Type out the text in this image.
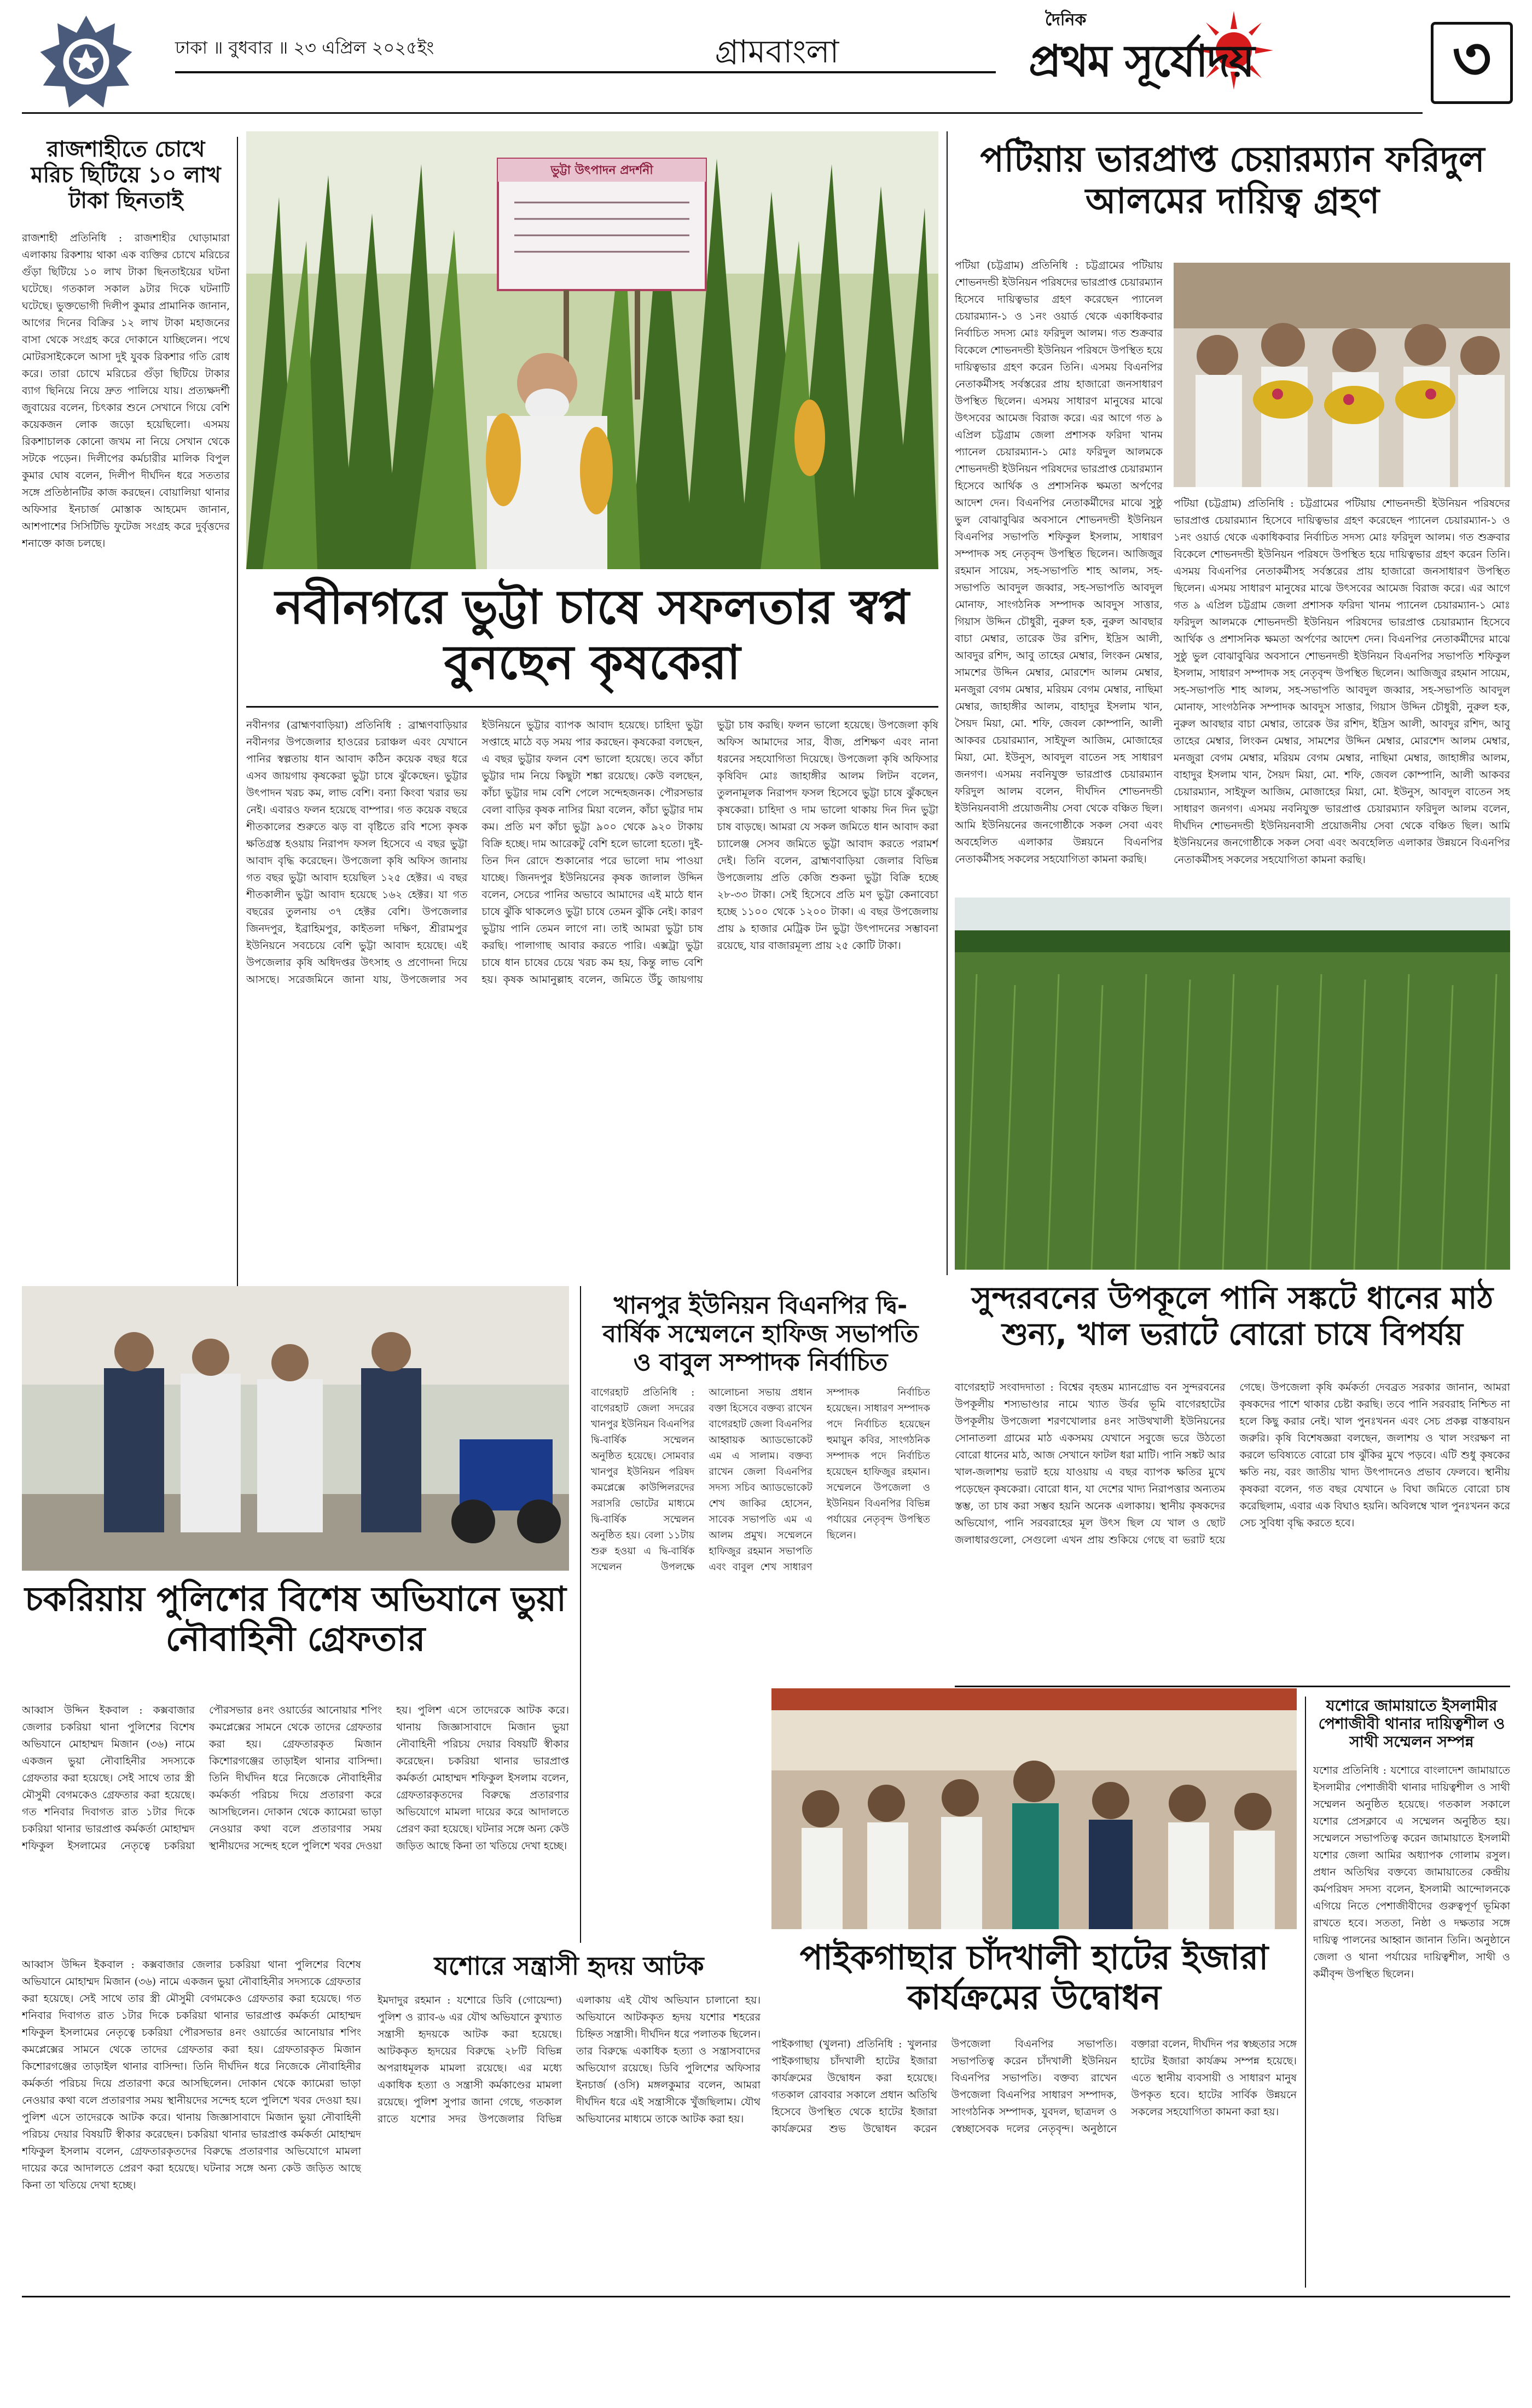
ঢাকা ॥ বুধবার ॥ ২৩ এপ্রিল ২০২৫ইং	গ্রামবাংলা
দৈনিক
প্রথম সূর্যোদয়	৩
রাজশাহীতে চোখে মরিচ ছিটিয়ে ১০ লাখ টাকা ছিনতাই
রাজশাহী প্রতিনিধি : রাজশাহীর ঘোড়ামারা এলাকায় রিকশায় থাকা এক ব্যক্তির চোখে মরিচের গুঁড়া ছিটিয়ে ১০ লাখ টাকা ছিনতাইয়ের ঘটনা ঘটেছে। গতকাল সকাল ৯টার দিকে ঘটনাটি ঘটেছে। ভুক্তভোগী দিলীপ কুমার প্রামানিক জানান, আগের দিনের বিক্রির ১২ লাখ টাকা মহাজনের বাসা থেকে সংগ্রহ করে দোকানে যাচ্ছিলেন। পথে মোটরসাইকেলে আসা দুই যুবক রিকশার গতি রোধ করে। তারা চোখে মরিচের গুঁড়া ছিটিয়ে টাকার ব্যাগ ছিনিয়ে নিয়ে দ্রুত পালিয়ে যায়। প্রত্যক্ষদর্শী জুবায়ের বলেন, চিৎকার শুনে সেখানে গিয়ে বেশি কয়েকজন লোক জড়ো হয়েছিলো। এসময় রিকশাচালক কোনো জখম না নিয়ে সেখান থেকে সটকে পড়েন। দিলীপের কর্মচারীর মালিক বিপুল কুমার ঘোষ বলেন, দিলীপ দীর্ঘদিন ধরে সততার সঙ্গে প্রতিষ্ঠানটির কাজ করছেন। বোয়ালিয়া থানার অফিসার ইনচার্জ মোস্তাক আহমেদ জানান, আশপাশের সিসিটিভি ফুটেজ সংগ্রহ করে দুর্বৃত্তদের শনাক্তে কাজ চলছে।
ভুট্টা উৎপাদন প্রদর্শনী
নবীনগরে ভুট্টা চাষে সফলতার স্বপ্ন বুনছেন কৃষকেরা
নবীনগর (ব্রাহ্মণবাড়িয়া) প্রতিনিধি : ব্রাহ্মণবাড়িয়ার নবীনগর উপজেলার হাওরের চরাঞ্চল এবং যেখানে পানির স্বল্পতায় ধান আবাদ কঠিন কয়েক বছর ধরে এসব জায়গায় কৃষকেরা ভুট্টা চাষে ঝুঁকেছেন। ভুট্টার উৎপাদন খরচ কম, লাভ বেশি। বন্যা কিংবা খরার ভয় নেই। এবারও ফলন হয়েছে বাম্পার। গত কয়েক বছরে শীতকালের শুরুতে ঝড় বা বৃষ্টিতে রবি শস্যে কৃষক ক্ষতিগ্রস্ত হওয়ায় নিরাপদ ফসল হিসেবে এ বছর ভুট্টা আবাদ বৃদ্ধি করেছেন। উপজেলা কৃষি অফিস জানায় গত বছর ভুট্টা আবাদ হয়েছিল ১২৫ হেক্টর। এ বছর শীতকালীন ভুট্টা আবাদ হয়েছে ১৬২ হেক্টর। যা গত বছরের তুলনায় ৩৭ হেক্টর বেশি। উপজেলার জিনদপুর, ইব্রাহিমপুর, কাইতলা দক্ষিণ, শ্রীরামপুর ইউনিয়নে সবচেয়ে বেশি ভুট্টা আবাদ হয়েছে। এই উপজেলার কৃষি অধিদপ্তর উৎসাহ ও প্রণোদনা দিয়ে আসছে। সরেজমিনে জানা যায়, উপজেলার সব ইউনিয়নে ভুট্টার ব্যাপক আবাদ হয়েছে। চাহিদা ভুট্টা সপ্তাহে মাঠে বড় সময় পার করছেন। কৃষকেরা বলছেন, এ বছর ভুট্টার ফলন বেশ ভালো হয়েছে। তবে কাঁচা ভুট্টার দাম নিয়ে কিছুটা শঙ্কা রয়েছে। কেউ বলছেন, কাঁচা ভুট্টার দাম বেশি পেলে সন্দেহজনক। পৌরসভার বেলা বাড়ির কৃষক নাসির মিয়া বলেন, কাঁচা ভুট্টার দাম কম। প্রতি মণ কাঁচা ভুট্টা ৯০০ থেকে ৯২০ টাকায় বিক্রি হচ্ছে। দাম আরেকটু বেশি হলে ভালো হতো। দুই-তিন দিন রোদে শুকানোর পরে ভালো দাম পাওয়া যাচ্ছে। জিনদপুর ইউনিয়নের কৃষক জালাল উদ্দিন বলেন, সেচের পানির অভাবে আমাদের এই মাঠে ধান চাষে ঝুঁকি থাকলেও ভুট্টা চাষে তেমন ঝুঁকি নেই। কারণ ভুট্টায় পানি তেমন লাগে না। তাই আমরা ভুট্টা চাষ করছি। পালাগাছ আবার করতে পারি। এক্সট্রা ভুট্টা চাষে ধান চাষের চেয়ে খরচ কম হয়, কিন্তু লাভ বেশি হয়। কৃষক আমানুল্লাহ বলেন, জমিতে উঁচু জায়গায় ভুট্টা চাষ করছি। ফলন ভালো হয়েছে। উপজেলা কৃষি অফিস আমাদের সার, বীজ, প্রশিক্ষণ এবং নানা ধরনের সহযোগিতা দিয়েছে। উপজেলা কৃষি অফিসার কৃষিবিদ মোঃ জাহাঙ্গীর আলম লিটন বলেন, তুলনামূলক নিরাপদ ফসল হিসেবে ভুট্টা চাষে ঝুঁকছেন কৃষকেরা। চাহিদা ও দাম ভালো থাকায় দিন দিন ভুট্টা চাষ বাড়ছে। আমরা যে সকল জমিতে ধান আবাদ করা চ্যালেঞ্জ সেসব জমিতে ভুট্টা আবাদ করতে পরামর্শ দেই। তিনি বলেন, ব্রাহ্মণবাড়িয়া জেলার বিভিন্ন উপজেলায় প্রতি কেজি শুকনা ভুট্টা বিক্রি হচ্ছে ২৮-৩৩ টাকা। সেই হিসেবে প্রতি মণ ভুট্টা কেনাবেচা হচ্ছে ১১০০ থেকে ১২০০ টাকা। এ বছর উপজেলায় প্রায় ৯ হাজার মেট্রিক টন ভুট্টা উৎপাদনের সম্ভাবনা রয়েছে, যার বাজারমূল্য প্রায় ২৫ কোটি টাকা।
পটিয়ায় ভারপ্রাপ্ত চেয়ারম্যান ফরিদুল আলমের দায়িত্ব গ্রহণ
পটিয়া (চট্টগ্রাম) প্রতিনিধি : চট্টগ্রামের পটিয়ায় শোভনদন্ডী ইউনিয়ন পরিষদের ভারপ্রাপ্ত চেয়ারম্যান হিসেবে দায়িত্বভার গ্রহণ করেছেন প্যানেল চেয়ারম্যান-১ ও ১নং ওয়ার্ড থেকে একাধিকবার নির্বাচিত সদস্য মোঃ ফরিদুল আলম। গত শুক্রবার বিকেলে শোভনদন্ডী ইউনিয়ন পরিষদে উপস্থিত হয়ে দায়িত্বভার গ্রহণ করেন তিনি। এসময় বিএনপির নেতাকর্মীসহ সর্বস্তরের প্রায় হাজারো জনসাধারণ উপস্থিত ছিলেন। এসময় সাধারণ মানুষের মাঝে উৎসবের আমেজ বিরাজ করে। এর আগে গত ৯ এপ্রিল চট্টগ্রাম জেলা প্রশাসক ফরিদা খানম প্যানেল চেয়ারম্যান-১ মোঃ ফরিদুল আলমকে শোভনদন্ডী ইউনিয়ন পরিষদের ভারপ্রাপ্ত চেয়ারম্যান হিসেবে আর্থিক ও প্রশাসনিক ক্ষমতা অর্পণের আদেশ দেন। বিএনপির নেতাকর্মীদের মাঝে সুষ্ঠু ভুল বোঝাবুঝির অবসানে শোভনদন্ডী ইউনিয়ন বিএনপির সভাপতি শফিকুল ইসলাম, সাধারণ সম্পাদক সহ নেতৃবৃন্দ উপস্থিত ছিলেন। আজিজুর রহমান সায়েম, সহ-সভাপতি শাহ আলম, সহ-সভাপতি আবদুল জব্বার, সহ-সভাপতি আবদুল মোনাফ, সাংগঠনিক সম্পাদক আবদুস সাত্তার, গিয়াস উদ্দিন চৌধুরী, নুরুল হক, নুরুল আবছার বাচা মেম্বার, তারেক উর রশিদ, ইদ্রিস আলী, আবদুর রশিদ, আবু তাহের মেম্বার, লিংকন মেম্বার, সামশের উদ্দিন মেম্বার, মোরশেদ আলম মেম্বার, মনজুরা বেগম মেম্বার, মরিয়ম বেগম মেম্বার, নাছিমা মেম্বার, জাহাঙ্গীর আলম, বাহাদুর ইসলাম খান, সৈয়দ মিয়া, মো. শফি, জেবল কোম্পানি, আলী আকবর চেয়ারম্যান, সাইফুল আজিম, মোজাহের মিয়া, মো. ইউনুস, আবদুল বাতেন সহ সাধারণ জনগণ। এসময় নবনিযুক্ত ভারপ্রাপ্ত চেয়ারম্যান ফরিদুল আলম বলেন, দীর্ঘদিন শোভনদন্ডী ইউনিয়নবাসী প্রয়োজনীয় সেবা থেকে বঞ্চিত ছিল। আমি ইউনিয়নের জনগোষ্ঠীকে সকল সেবা এবং অবহেলিত এলাকার উন্নয়নে বিএনপির নেতাকর্মীসহ সকলের সহযোগিতা কামনা করছি।
পটিয়া (চট্টগ্রাম) প্রতিনিধি : চট্টগ্রামের পটিয়ায় শোভনদন্ডী ইউনিয়ন পরিষদের ভারপ্রাপ্ত চেয়ারম্যান হিসেবে দায়িত্বভার গ্রহণ করেছেন প্যানেল চেয়ারম্যান-১ ও ১নং ওয়ার্ড থেকে একাধিকবার নির্বাচিত সদস্য মোঃ ফরিদুল আলম। গত শুক্রবার বিকেলে শোভনদন্ডী ইউনিয়ন পরিষদে উপস্থিত হয়ে দায়িত্বভার গ্রহণ করেন তিনি। এসময় বিএনপির নেতাকর্মীসহ সর্বস্তরের প্রায় হাজারো জনসাধারণ উপস্থিত ছিলেন। এসময় সাধারণ মানুষের মাঝে উৎসবের আমেজ বিরাজ করে। এর আগে গত ৯ এপ্রিল চট্টগ্রাম জেলা প্রশাসক ফরিদা খানম প্যানেল চেয়ারম্যান-১ মোঃ ফরিদুল আলমকে শোভনদন্ডী ইউনিয়ন পরিষদের ভারপ্রাপ্ত চেয়ারম্যান হিসেবে আর্থিক ও প্রশাসনিক ক্ষমতা অর্পণের আদেশ দেন। বিএনপির নেতাকর্মীদের মাঝে সুষ্ঠু ভুল বোঝাবুঝির অবসানে শোভনদন্ডী ইউনিয়ন বিএনপির সভাপতি শফিকুল ইসলাম, সাধারণ সম্পাদক সহ নেতৃবৃন্দ উপস্থিত ছিলেন। আজিজুর রহমান সায়েম, সহ-সভাপতি শাহ আলম, সহ-সভাপতি আবদুল জব্বার, সহ-সভাপতি আবদুল মোনাফ, সাংগঠনিক সম্পাদক আবদুস সাত্তার, গিয়াস উদ্দিন চৌধুরী, নুরুল হক, নুরুল আবছার বাচা মেম্বার, তারেক উর রশিদ, ইদ্রিস আলী, আবদুর রশিদ, আবু তাহের মেম্বার, লিংকন মেম্বার, সামশের উদ্দিন মেম্বার, মোরশেদ আলম মেম্বার, মনজুরা বেগম মেম্বার, মরিয়ম বেগম মেম্বার, নাছিমা মেম্বার, জাহাঙ্গীর আলম, বাহাদুর ইসলাম খান, সৈয়দ মিয়া, মো. শফি, জেবল কোম্পানি, আলী আকবর চেয়ারম্যান, সাইফুল আজিম, মোজাহের মিয়া, মো. ইউনুস, আবদুল বাতেন সহ সাধারণ জনগণ। এসময় নবনিযুক্ত ভারপ্রাপ্ত চেয়ারম্যান ফরিদুল আলম বলেন, দীর্ঘদিন শোভনদন্ডী ইউনিয়নবাসী প্রয়োজনীয় সেবা থেকে বঞ্চিত ছিল। আমি ইউনিয়নের জনগোষ্ঠীকে সকল সেবা এবং অবহেলিত এলাকার উন্নয়নে বিএনপির নেতাকর্মীসহ সকলের সহযোগিতা কামনা করছি।
সুন্দরবনের উপকূলে পানি সঙ্কটে ধানের মাঠ শুন্য, খাল ভরাটে বোরো চাষে বিপর্যয়
বাগেরহাট সংবাদদাতা : বিশ্বের বৃহত্তম ম্যানগ্রোভ বন সুন্দরবনের উপকূলীয় শস্যভাণ্ডার নামে খ্যাত উর্বর ভূমি বাগেরহাটের উপকূলীয় উপজেলা শরণখোলার ৪নং সাউথখালী ইউনিয়নের সোনাতলা গ্রামের মাঠ একসময় যেখানে সবুজে ভরে উঠতো বোরো ধানের মাঠ, আজ সেখানে ফাটল ধরা মাটি। পানি সঙ্কট আর খাল-জলাশয় ভরাট হয়ে যাওয়ায় এ বছর ব্যাপক ক্ষতির মুখে পড়েছেন কৃষকেরা। বোরো ধান, যা দেশের খাদ্য নিরাপত্তার অন্যতম স্তম্ভ, তা চাষ করা সম্ভব হয়নি অনেক এলাকায়। স্থানীয় কৃষকদের অভিযোগ, পানি সরবরাহের মূল উৎস ছিল যে খাল ও ছোট জলাধারগুলো, সেগুলো এখন প্রায় শুকিয়ে গেছে বা ভরাট হয়ে গেছে। উপজেলা কৃষি কর্মকর্তা দেবব্রত সরকার জানান, আমরা কৃষকদের পাশে থাকার চেষ্টা করছি। তবে পানি সরবরাহ নিশ্চিত না হলে কিছু করার নেই। খাল পুনঃখনন এবং সেচ প্রকল্প বাস্তবায়ন জরুরি। কৃষি বিশেষজ্ঞরা বলছেন, জলাশয় ও খাল সংরক্ষণ না করলে ভবিষ্যতে বোরো চাষ ঝুঁকির মুখে পড়বে। এটি শুধু কৃষকের ক্ষতি নয়, বরং জাতীয় খাদ্য উৎপাদনেও প্রভাব ফেলবে। স্থানীয় কৃষকরা বলেন, গত বছর যেখানে ৬ বিঘা জমিতে বোরো চাষ করেছিলাম, এবার এক বিঘাও হয়নি। অবিলম্বে খাল পুনঃখনন করে সেচ সুবিধা বৃদ্ধি করতে হবে।
চকরিয়ায় পুলিশের বিশেষ অভিযানে ভুয়া নৌবাহিনী গ্রেফতার
আব্বাস উদ্দিন ইকবাল : কক্সবাজার জেলার চকরিয়া থানা পুলিশের বিশেষ অভিযানে মোহাম্মদ মিজান (৩৬) নামে একজন ভুয়া নৌবাহিনীর সদস্যকে গ্রেফতার করা হয়েছে। সেই সাথে তার স্ত্রী মৌসুমী বেগমকেও গ্রেফতার করা হয়েছে। গত শনিবার দিবাগত রাত ১টার দিকে চকরিয়া থানার ভারপ্রাপ্ত কর্মকর্তা মোহাম্মদ শফিকুল ইসলামের নেতৃত্বে চকরিয়া পৌরসভার ৪নং ওয়ার্ডের আনোয়ার শপিং কমপ্লেক্সের সামনে থেকে তাদের গ্রেফতার করা হয়। গ্রেফতারকৃত মিজান কিশোরগঞ্জের তাড়াইল থানার বাসিন্দা। তিনি দীর্ঘদিন ধরে নিজেকে নৌবাহিনীর কর্মকর্তা পরিচয় দিয়ে প্রতারণা করে আসছিলেন। দোকান থেকে ক্যামেরা ভাড়া নেওয়ার কথা বলে প্রতারণার সময় স্থানীয়দের সন্দেহ হলে পুলিশে খবর দেওয়া হয়। পুলিশ এসে তাদেরকে আটক করে। থানায় জিজ্ঞাসাবাদে মিজান ভুয়া নৌবাহিনী পরিচয় দেয়ার বিষয়টি স্বীকার করেছেন। চকরিয়া থানার ভারপ্রাপ্ত কর্মকর্তা মোহাম্মদ শফিকুল ইসলাম বলেন, গ্রেফতারকৃতদের বিরুদ্ধে প্রতারণার অভিযোগে মামলা দায়ের করে আদালতে প্রেরণ করা হয়েছে। ঘটনার সঙ্গে অন্য কেউ জড়িত আছে কিনা তা খতিয়ে দেখা হচ্ছে।
যশোরে সন্ত্রাসী হৃদয় আটক
ইমদাদুর রহমান : যশোরে ডিবি (গোয়েন্দা) পুলিশ ও র‍্যাব-৬ এর যৌথ অভিযানে কুখ্যাত সন্ত্রাসী হৃদয়কে আটক করা হয়েছে। আটককৃত হৃদয়ের বিরুদ্ধে ২৮টি বিভিন্ন অপরাধমূলক মামলা রয়েছে। এর মধ্যে একাধিক হত্যা ও সন্ত্রাসী কর্মকাণ্ডের মামলা রয়েছে। পুলিশ সুপার জানা গেছে, গতকাল রাতে যশোর সদর উপজেলার বিভিন্ন এলাকায় এই যৌথ অভিযান চালানো হয়। অভিযানে আটককৃত হৃদয় যশোর শহরের চিহ্নিত সন্ত্রাসী। দীর্ঘদিন ধরে পলাতক ছিলেন। তার বিরুদ্ধে একাধিক হত্যা ও সন্ত্রাসবাদের অভিযোগ রয়েছে। ডিবি পুলিশের অফিসার ইনচার্জ (ওসি) মঙ্গলকুমার বলেন, আমরা দীর্ঘদিন ধরে এই সন্ত্রাসীকে খুঁজছিলাম। যৌথ অভিযানের মাধ্যমে তাকে আটক করা হয়।
আব্বাস উদ্দিন ইকবাল : কক্সবাজার জেলার চকরিয়া থানা পুলিশের বিশেষ অভিযানে মোহাম্মদ মিজান (৩৬) নামে একজন ভুয়া নৌবাহিনীর সদস্যকে গ্রেফতার করা হয়েছে। সেই সাথে তার স্ত্রী মৌসুমী বেগমকেও গ্রেফতার করা হয়েছে। গত শনিবার দিবাগত রাত ১টার দিকে চকরিয়া থানার ভারপ্রাপ্ত কর্মকর্তা মোহাম্মদ শফিকুল ইসলামের নেতৃত্বে চকরিয়া পৌরসভার ৪নং ওয়ার্ডের আনোয়ার শপিং কমপ্লেক্সের সামনে থেকে তাদের গ্রেফতার করা হয়। গ্রেফতারকৃত মিজান কিশোরগঞ্জের তাড়াইল থানার বাসিন্দা। তিনি দীর্ঘদিন ধরে নিজেকে নৌবাহিনীর কর্মকর্তা পরিচয় দিয়ে প্রতারণা করে আসছিলেন। দোকান থেকে ক্যামেরা ভাড়া নেওয়ার কথা বলে প্রতারণার সময় স্থানীয়দের সন্দেহ হলে পুলিশে খবর দেওয়া হয়। পুলিশ এসে তাদেরকে আটক করে। থানায় জিজ্ঞাসাবাদে মিজান ভুয়া নৌবাহিনী পরিচয় দেয়ার বিষয়টি স্বীকার করেছেন। চকরিয়া থানার ভারপ্রাপ্ত কর্মকর্তা মোহাম্মদ শফিকুল ইসলাম বলেন, গ্রেফতারকৃতদের বিরুদ্ধে প্রতারণার অভিযোগে মামলা দায়ের করে আদালতে প্রেরণ করা হয়েছে। ঘটনার সঙ্গে অন্য কেউ জড়িত আছে কিনা তা খতিয়ে দেখা হচ্ছে।
খানপুর ইউনিয়ন বিএনপির দ্বি-বার্ষিক সম্মেলনে হাফিজ সভাপতি ও বাবুল সম্পাদক নির্বাচিত
বাগেরহাট প্রতিনিধি : বাগেরহাট জেলা সদরের খানপুর ইউনিয়ন বিএনপির দ্বি-বার্ষিক সম্মেলন অনুষ্ঠিত হয়েছে। সোমবার খানপুর ইউনিয়ন পরিষদ কমপ্লেক্সে কাউন্সিলরদের সরাসরি ভোটের মাধ্যমে দ্বি-বার্ষিক সম্মেলন অনুষ্ঠিত হয়। বেলা ১১টায় শুরু হওয়া এ দ্বি-বার্ষিক সম্মেলন উপলক্ষে আলোচনা সভায় প্রধান বক্তা হিসেবে বক্তব্য রাখেন বাগেরহাট জেলা বিএনপির আহ্বায়ক অ্যাডভোকেট এম এ সালাম। বক্তব্য রাখেন জেলা বিএনপির সদস্য সচিব অ্যাডভোকেট শেখ জাকির হোসেন, সাবেক সভাপতি এম এ আলম প্রমুখ। সম্মেলনে হাফিজুর রহমান সভাপতি এবং বাবুল শেখ সাধারণ সম্পাদক নির্বাচিত হয়েছেন। সাধারণ সম্পাদক পদে নির্বাচিত হয়েছেন হুমায়ুন কবির, সাংগঠনিক সম্পাদক পদে নির্বাচিত হয়েছেন হাফিজুর রহমান। সম্মেলনে উপজেলা ও ইউনিয়ন বিএনপির বিভিন্ন পর্যায়ের নেতৃবৃন্দ উপস্থিত ছিলেন।
পাইকগাছার চাঁদখালী হাটের ইজারা কার্যক্রমের উদ্বোধন
পাইকগাছা (খুলনা) প্রতিনিধি : খুলনার পাইকগাছায় চাঁদখালী হাটের ইজারা কার্যক্রমের উদ্বোধন করা হয়েছে। গতকাল রোববার সকালে প্রধান অতিথি হিসেবে উপস্থিত থেকে হাটের ইজারা কার্যক্রমের শুভ উদ্বোধন করেন উপজেলা বিএনপির সভাপতি। সভাপতিত্ব করেন চাঁদখালী ইউনিয়ন বিএনপির সভাপতি। বক্তব্য রাখেন উপজেলা বিএনপির সাধারণ সম্পাদক, সাংগঠনিক সম্পাদক, যুবদল, ছাত্রদল ও স্বেচ্ছাসেবক দলের নেতৃবৃন্দ। অনুষ্ঠানে বক্তারা বলেন, দীর্ঘদিন পর স্বচ্ছতার সঙ্গে হাটের ইজারা কার্যক্রম সম্পন্ন হয়েছে। এতে স্থানীয় ব্যবসায়ী ও সাধারণ মানুষ উপকৃত হবে। হাটের সার্বিক উন্নয়নে সকলের সহযোগিতা কামনা করা হয়।
যশোরে জামায়াতে ইসলামীর পেশাজীবী থানার দায়িত্বশীল ও সাথী সম্মেলন সম্পন্ন
যশোর প্রতিনিধি : যশোরে বাংলাদেশ জামায়াতে ইসলামীর পেশাজীবী থানার দায়িত্বশীল ও সাথী সম্মেলন অনুষ্ঠিত হয়েছে। গতকাল সকালে যশোর প্রেসক্লাবে এ সম্মেলন অনুষ্ঠিত হয়। সম্মেলনে সভাপতিত্ব করেন জামায়াতে ইসলামী যশোর জেলা আমির অধ্যাপক গোলাম রসুল। প্রধান অতিথির বক্তব্যে জামায়াতের কেন্দ্রীয় কর্মপরিষদ সদস্য বলেন, ইসলামী আন্দোলনকে এগিয়ে নিতে পেশাজীবীদের গুরুত্বপূর্ণ ভূমিকা রাখতে হবে। সততা, নিষ্ঠা ও দক্ষতার সঙ্গে দায়িত্ব পালনের আহ্বান জানান তিনি। অনুষ্ঠানে জেলা ও থানা পর্যায়ের দায়িত্বশীল, সাথী ও কর্মীবৃন্দ উপস্থিত ছিলেন।
